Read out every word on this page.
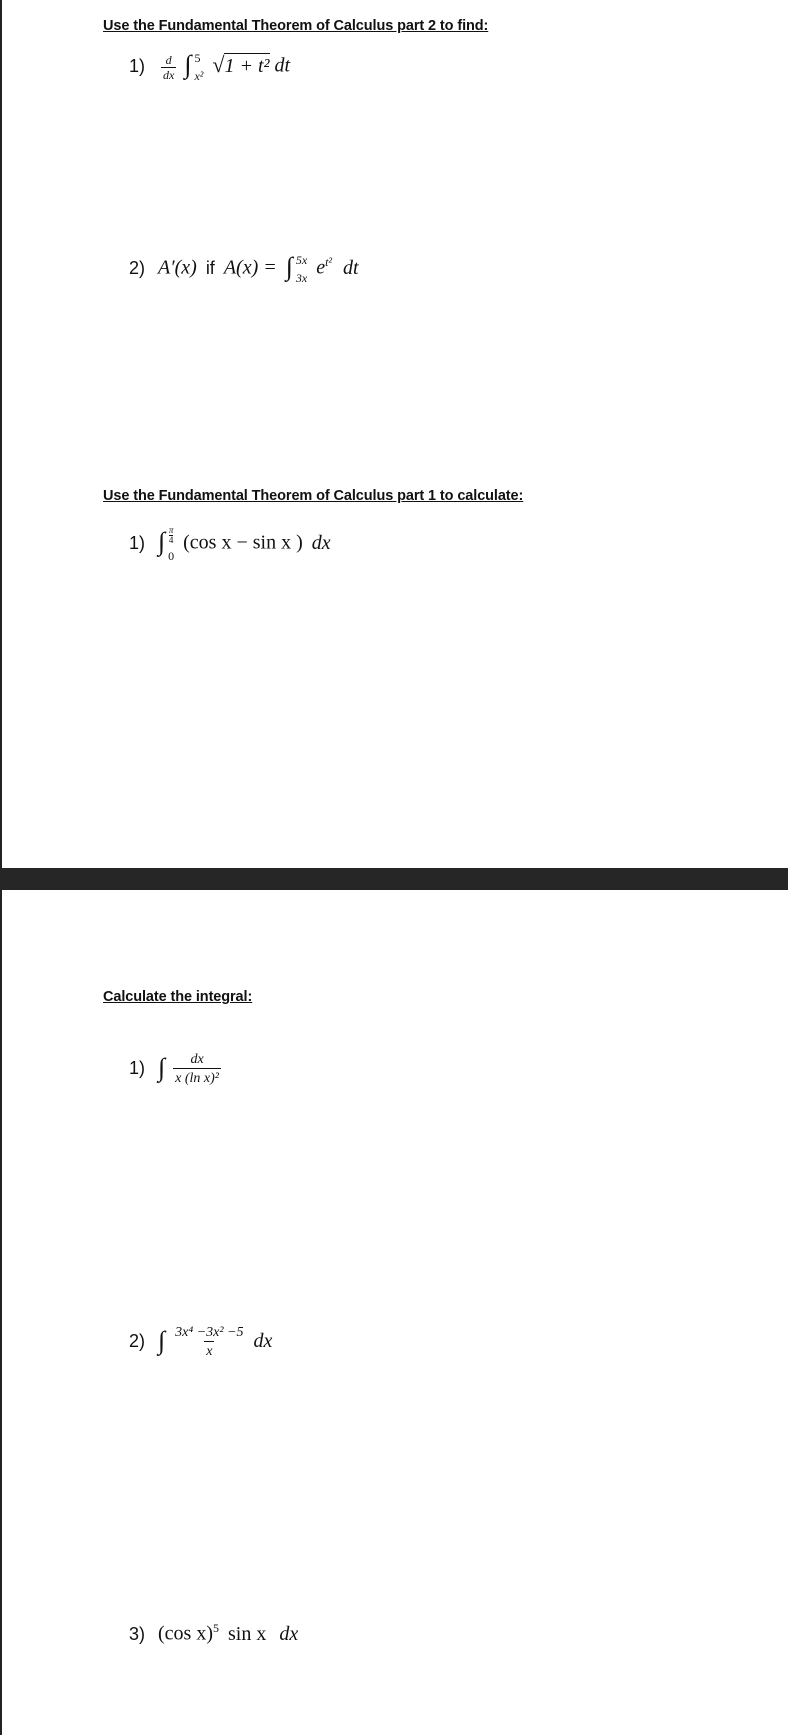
Use the Fundamental Theorem of Calculus part 2 to find:
$1) \frac{d}{dx}$ ∫ 5
x² √1 + t² dt
2) A′(x) if A(x) = ∫ 5x
3x $e^{t^2}$ dt
Use the Fundamental Theorem of Calculus part 1 to calculate:
1) ∫ π
4
0
(cos x − sin x ) dx
Calculate the integral:
1) ∫ $\frac{dx}{\text{x (ln x)²}}$
2) ∫ $\frac{\text{3x⁴ −3x² −5}}{x}$ dx
3) (cos x)$^5$ sin x dx
